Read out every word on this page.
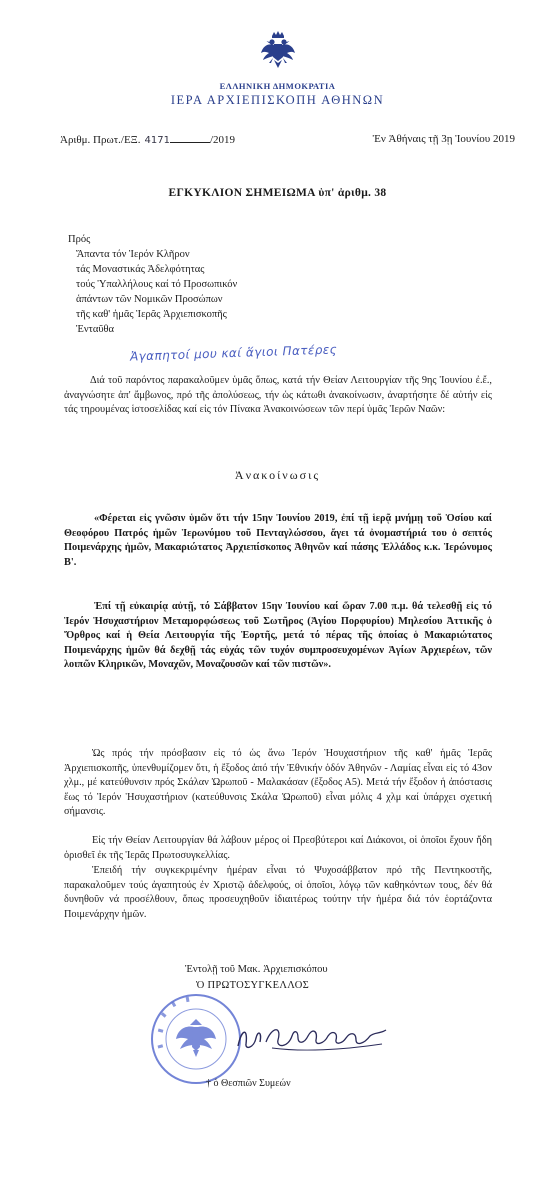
ΕΛΛΗΝΙΚΗ ΔΗΜΟΚΡΑΤΙΑ
ΙΕΡΑ ΑΡΧΙΕΠΙΣΚΟΠΗ ΑΘΗΝΩΝ
Ἀριθμ. Πρωτ./ΕΞ. 4171	/2019	Ἐν Ἀθήναις τῇ 3ῃ Ἰουνίου 2019
ΕΓΚΥΚΛΙΟΝ ΣΗΜΕΙΩΜΑ ὑπ' ἀριθμ. 38
Πρός
Ἅπαντα τόν Ἱερόν Κλῆρον
τάς Μοναστικάς Ἀδελφότητας
τούς Ὑπαλλήλους καί τό Προσωπικόν
ἁπάντων τῶν Νομικῶν Προσώπων
τῆς καθ' ἡμᾶς Ἱερᾶς Ἀρχιεπισκοπῆς
Ἐνταῦθα
Ἀγαπητοί μου καί ἅγιοι Πατέρες
Διά τοῦ παρόντος παρακαλοῦμεν ὑμᾶς ὅπως, κατά τήν Θείαν Λειτουργίαν τῆς 9ης Ἰουνίου ἐ.ἔ., ἀναγνώσητε ἀπ' ἄμβωνος, πρό τῆς ἀπολύσεως, τήν ὡς κάτωθι ἀνακοίνωσιν, ἀναρτήσητε δέ αὐτήν εἰς τάς τηρουμένας ἱστοσελίδας καί εἰς τόν Πίνακα Ἀνακοινώσεων τῶν περί ὑμᾶς Ἱερῶν Ναῶν:
Ἀνακοίνωσις
«Φέρεται εἰς γνῶσιν ὑμῶν ὅτι τήν 15ην Ἰουνίου 2019, ἐπί τῇ ἱερᾷ μνήμῃ τοῦ Ὁσίου καί Θεοφόρου Πατρός ἡμῶν Ἱερωνύμου τοῦ Πενταγλώσσου, ἄγει τά ὀνομαστήριά του ὁ σεπτός Ποιμενάρχης ἡμῶν, Μακαριώτατος Ἀρχιεπίσκοπος Ἀθηνῶν καί πάσης Ἑλλάδος κ.κ. Ἱερώνυμος Β'.
Ἐπί τῇ εὐκαιρίᾳ αὐτῇ, τό Σάββατον 15ην Ἰουνίου καί ὥραν 7.00 π.μ. θά τελεσθῇ εἰς τό Ἱερόν Ἡσυχαστήριον Μεταμορφώσεως τοῦ Σωτῆρος (Ἁγίου Πορφυρίου) Μηλεσίου Ἀττικῆς ὁ Ὄρθρος καί ἡ Θεία Λειτουργία τῆς Ἑορτῆς, μετά τό πέρας τῆς ὁποίας ὁ Μακαριώτατος Ποιμενάρχης ἡμῶν θά δεχθῇ τάς εὐχάς τῶν τυχόν συμπροσευχομένων Ἁγίων Ἀρχιερέων, τῶν λοιπῶν Κληρικῶν, Μοναχῶν, Μοναζουσῶν καί τῶν πιστῶν».
Ὡς πρός τήν πρόσβασιν εἰς τό ὡς ἄνω Ἱερόν Ἡσυχαστήριον τῆς καθ' ἡμᾶς Ἱερᾶς Ἀρχιεπισκοπῆς, ὑπενθυμίζομεν ὅτι, ἡ ἔξοδος ἀπό τήν Ἐθνικήν ὁδόν Ἀθηνῶν - Λαμίας εἶναι εἰς τό 43ον χλμ., μέ κατεύθυνσιν πρός Σκάλαν Ὠρωποῦ - Μαλακάσαν (ἔξοδος Α5). Μετά τήν ἔξοδον ἡ ἀπόστασις ἕως τό Ἱερόν Ἡσυχαστήριον (κατεύθυνσις Σκάλα Ὠρωποῦ) εἶναι μόλις 4 χλμ καί ὑπάρχει σχετική σήμανσις.
Εἰς τήν Θείαν Λειτουργίαν θά λάβουν μέρος οἱ Πρεσβύτεροι καί Διάκονοι, οἱ ὁποῖοι ἔχουν ἤδη ὁρισθεῖ ἐκ τῆς Ἱερᾶς Πρωτοσυγκελλίας.
Ἐπειδή τήν συγκεκριμένην ἡμέραν εἶναι τό Ψυχοσάββατον πρό τῆς Πεντηκοστῆς, παρακαλοῦμεν τούς ἀγαπητούς ἐν Χριστῷ ἀδελφούς, οἱ ὁποῖοι, λόγῳ τῶν καθηκόντων τους, δέν θά δυνηθοῦν νά προσέλθουν, ὅπως προσευχηθοῦν ἰδιαιτέρως τούτην τήν ἡμέρα διά τόν ἑορτάζοντα Ποιμενάρχην ἡμῶν.
Ἐντολῇ τοῦ Μακ. Ἀρχιεπισκόπου
Ὁ ΠΡΩΤΟΣΥΓΚΕΛΛΟΣ
† ὁ Θεσπιῶν Συμεών
